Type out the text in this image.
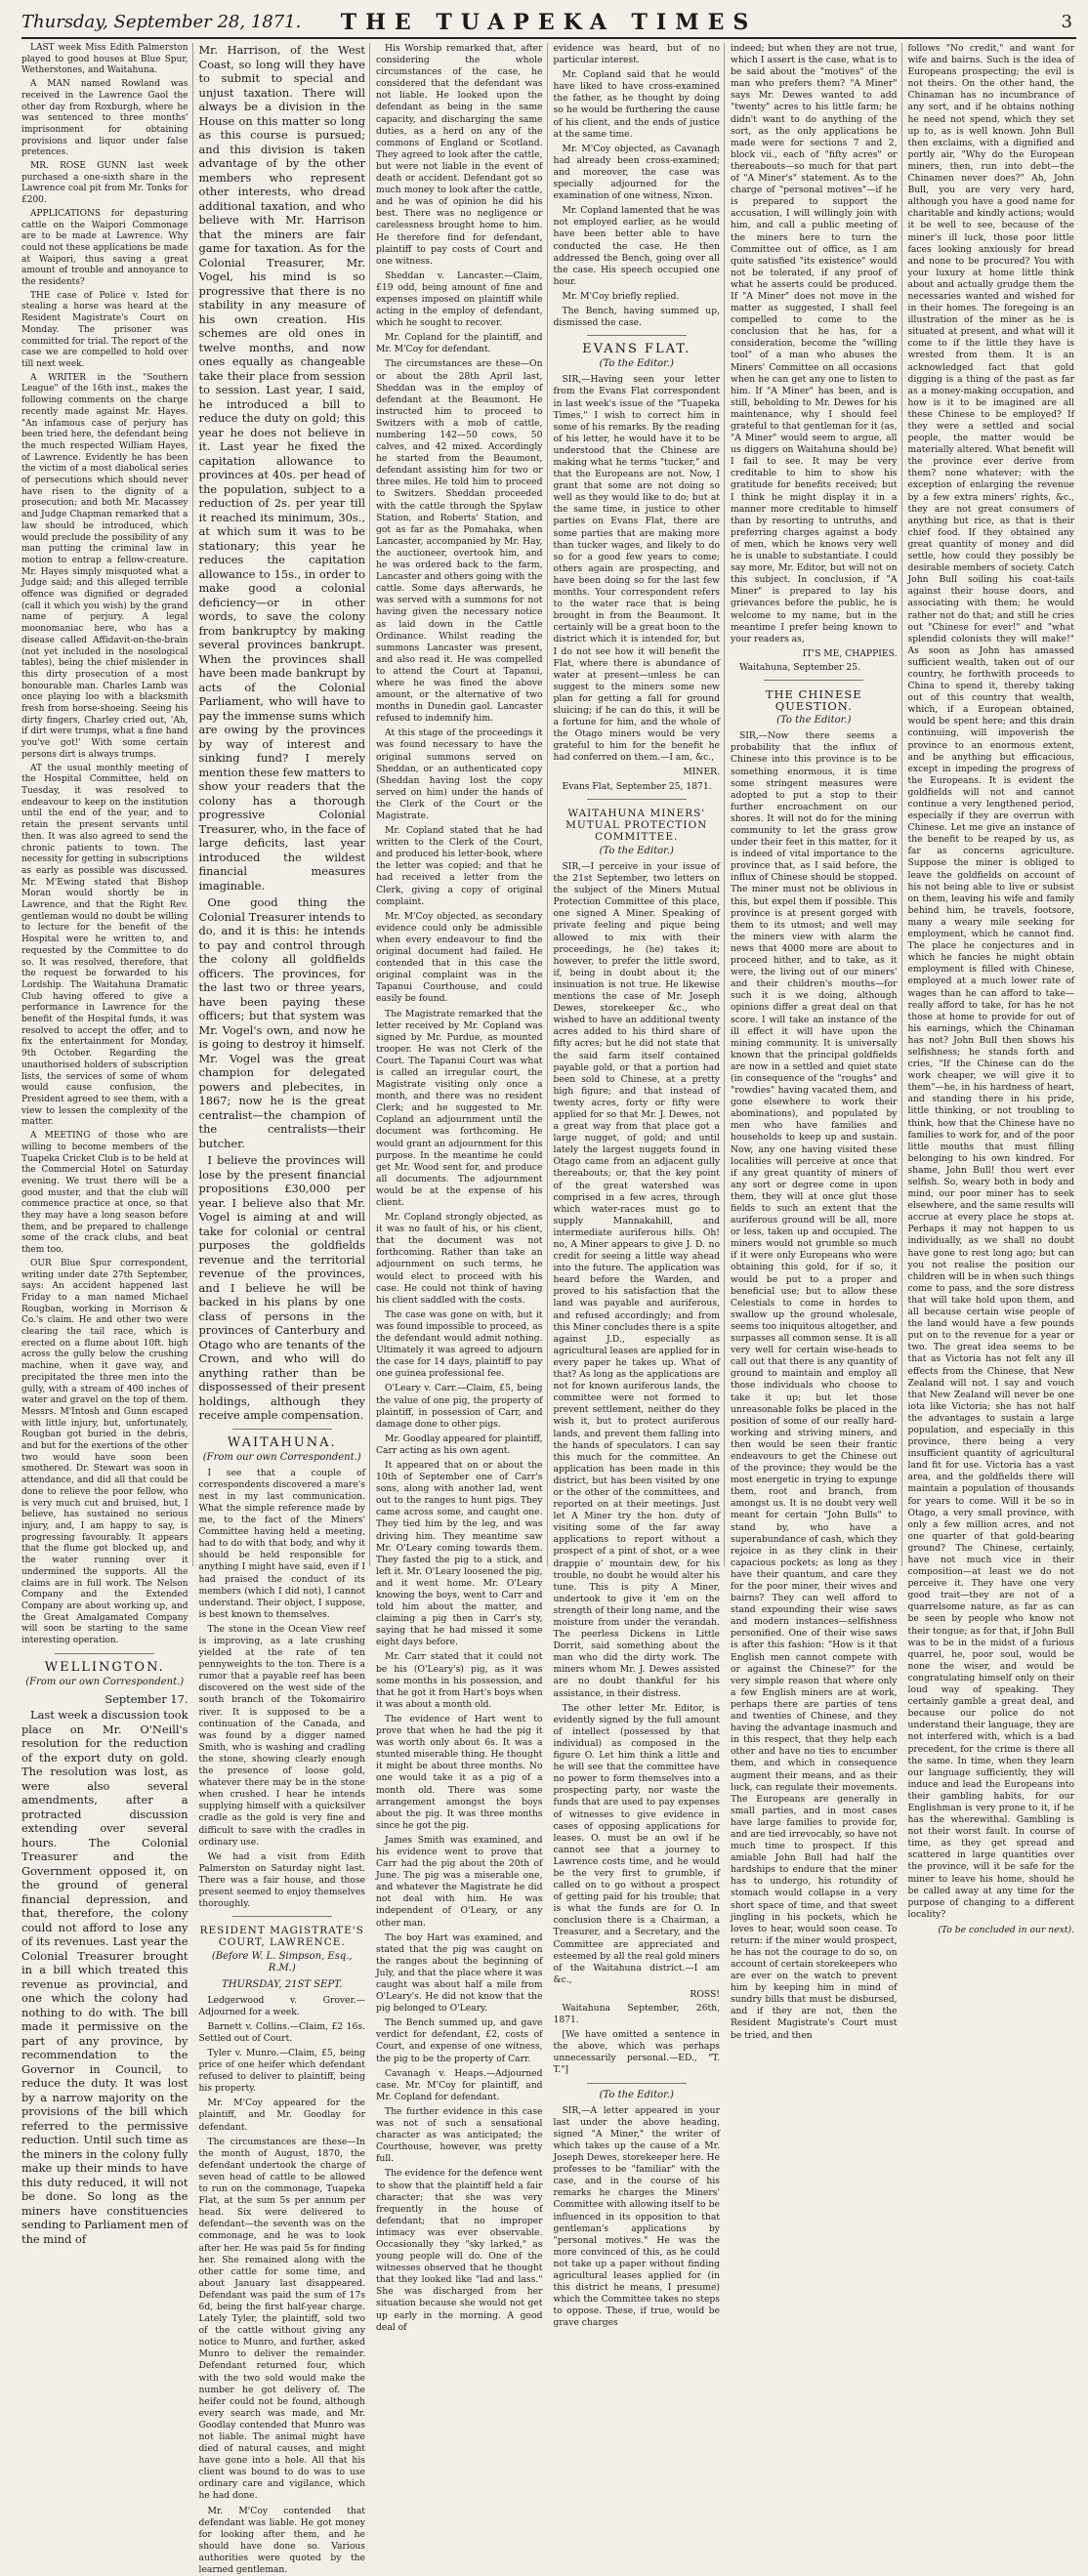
Thursday, September 28, 1871.	THE TUAPEKA TIMES	3

LAST week Miss Edith Palmerston played to good houses at Blue Spur, Wetherstones, and Waitahuna.

A MAN named Rowland was received in the Lawrence Gaol the other day from Roxburgh, where he was sentenced to three months' imprisonment for obtaining provisions and liquor under false pretences.

MR. ROSE GUNN last week purchased a one-sixth share in the Lawrence coal pit from Mr. Tonks for £200.

APPLICATIONS for depasturing cattle on the Waipori Commonage are to be made at Lawrence. Why could not these applications be made at Waipori, thus saving a great amount of trouble and annoyance to the residents?

THE case of Police v. Isted for stealing a horse was heard at the Resident Magistrate's Court on Monday. The prisoner was committed for trial. The report of the case we are compelled to hold over till next week.

A WRITER in the "Southern League" of the 16th inst., makes the following comments on the charge recently made against Mr. Hayes. "An infamous case of perjury has been tried here, the defendant being the much respected William Hayes, of Lawrence. Evidently he has been the victim of a most diabolical series of persecutions which should never have risen to the dignity of a prosecution; and both Mr. Macassey and Judge Chapman remarked that a law should be introduced, which would preclude the possibility of any man putting the criminal law in motion to entrap a fellow-creature. Mr. Hayes simply misquoted what a Judge said; and this alleged terrible offence was dignified or degraded (call it which you wish) by the grand name of perjury. A legal moonomaniac here, who has a disease called Affidavit-on-the-brain (not yet included in the nosological tables), being the chief mislender in this dirty prosecution of a most honourable man. Charles Lamb was once playing loo with a blacksmith fresh from horse-shoeing. Seeing his dirty fingers, Charley cried out, 'Ah, if dirt were trumps, what a fine hand you've got!' With some certain persons dirt is always trumps.

AT the usual monthly meeting of the Hospital Committee, held on Tuesday, it was resolved to endeavour to keep on the institution until the end of the year, and to retain the present servants until then. It was also agreed to send the chronic patients to town. The necessity for getting in subscriptions as early as possible was discussed. Mr. M'Ewing stated that Bishop Moran would shortly be in Lawrence, and that the Right Rev. gentleman would no doubt be willing to lecture for the benefit of the Hospital were he written to, and requested by the Committee to do so. It was resolved, therefore, that the request be forwarded to his Lordship. The Waitahuna Dramatic Club having offered to give a performance in Lawrence for the benefit of the Hospital funds, it was resolved to accept the offer, and to fix the entertainment for Monday, 9th October. Regarding the unauthorised holders of subscription lists, the services of some of whom would cause confusion, the President agreed to see them, with a view to lessen the complexity of the matter.

A MEETING of those who are willing to become members of the Tuapeka Cricket Club is to be held at the Commercial Hotel on Saturday evening. We trust there will be a good muster, and that the club will commence practice at once, so that they may have a long season before them, and be prepared to challenge some of the crack clubs, and beat them too.

OUR Blue Spur correspondent, writing under date 27th September, says: An accident happened last Friday to a man named Michael Rougban, working in Morrison & Co.'s claim. He and other two were clearing the tail race, which is erected on a flume about 10ft. high across the gully below the crushing machine, when it gave way, and precipitated the three men into the gully, with a stream of 400 inches of water and gravel on the top of them. Messrs. M'Intosh and Gunn escaped with little injury, but, unfortunately, Rougban got buried in the debris, and but for the exertions of the other two would have soon been smothered. Dr. Stewart was soon in attendance, and did all that could be done to relieve the poor fellow, who is very much cut and bruised, but, I believe, has sustained no serious injury, and, I am happy to say, is progressing favourably. It appears that the flume got blocked up, and the water running over it undermined the supports. All the claims are in full work. The Nelson Company and the Extended Company are about working up, and the Great Amalgamated Company will soon be starting to the same interesting operation.

WELLINGTON.
(From our own Correspondent.)
September 17.

Last week a discussion took place on Mr. O'Neill's resolution for the reduction of the export duty on gold. The resolution was lost, as were also several amendments, after a protracted discussion extending over several hours. The Colonial Treasurer and the Government opposed it, on the ground of general financial depression, and that, therefore, the colony could not afford to lose any of its revenues. Last year the Colonial Treasurer brought in a bill which treated this revenue as provincial, and one which the colony had nothing to do with. The bill made it permissive on the part of any province, by recommendation to the Governor in Council, to reduce the duty. It was lost by a narrow majority on the provisions of the bill which referred to the permissive reduction. Until such time as the miners in the colony fully make up their minds to have this duty reduced, it will not be done. So long as the miners have constituencies sending to Parliament men of the mind of

Mr. Harrison, of the West Coast, so long will they have to submit to special and unjust taxation. There will always be a division in the House on this matter so long as this course is pursued; and this division is taken advantage of by the other members who represent other interests, who dread additional taxation, and who believe with Mr. Harrison that the miners are fair game for taxation. As for the Colonial Treasurer, Mr. Vogel, his mind is so progressive that there is no stability in any measure of his own creation. His schemes are old ones in twelve months, and now ones equally as changeable take their place from session to session. Last year, I said, he introduced a bill to reduce the duty on gold; this year he does not believe in it. Last year he fixed the capitation allowance to provinces at 40s. per head of the population, subject to a reduction of 2s. per year till it reached its minimum, 30s., at which sum it was to be stationary; this year he reduces the capitation allowance to 15s., in order to make good a colonial deficiency—or in other words, to save the colony from bankruptcy by making several provinces bankrupt. When the provinces shall have been made bankrupt by acts of the Colonial Parliament, who will have to pay the immense sums which are owing by the provinces by way of interest and sinking fund? I merely mention these few matters to show your readers that the colony has a thorough progressive Colonial Treasurer, who, in the face of large deficits, last year introduced the wildest financial measures imaginable.

One good thing the Colonial Treasurer intends to do, and it is this: he intends to pay and control through the colony all goldfields officers. The provinces, for the last two or three years, have been paying these officers; but that system was Mr. Vogel's own, and now he is going to destroy it himself. Mr. Vogel was the great champion for delegated powers and plebecites, in 1867; now he is the great centralist—the champion of the centralists—their butcher.

I believe the provinces will lose by the present financial propositions £30,000 per year. I believe also that Mr. Vogel is aiming at and will take for colonial or central purposes the goldfields revenue and the territorial revenue of the provinces, and I believe he will be backed in his plans by one class of persons in the provinces of Canterbury and Otago who are tenants of the Crown, and who will do anything rather than be dispossessed of their present holdings, although they receive ample compensation.

WAITAHUNA.
(From our own Correspondent.)

I see that a couple of correspondents discovered a mare's nest in my last communication. What the simple reference made by me, to the fact of the Miners' Committee having held a meeting, had to do with that body, and why it should be held responsible for anything I might have said, even if I had praised the conduct of its members (which I did not), I cannot understand. Their object, I suppose, is best known to themselves.

The stone in the Ocean View reef is improving, as a late crushing yielded at the rate of ten pennyweights to the ton. There is a rumor that a payable reef has been discovered on the west side of the south branch of the Tokomairiro river. It is supposed to be a continuation of the Canada, and was found by a digger named Smith, who is washing and cradling the stone, showing clearly enough the presence of loose gold, whatever there may be in the stone when crushed. I hear he intends supplying himself with a quicksilver cradle as the gold is very fine and difficult to save with the cradles in ordinary use.

We had a visit from Edith Palmerston on Saturday night last. There was a fair house, and those present seemed to enjoy themselves thoroughly.

RESIDENT MAGISTRATE'S COURT, LAWRENCE.
(Before W. L. Simpson, Esq., R.M.)
THURSDAY, 21ST SEPT.

Ledgerwood v. Grover.—Adjourned for a week.

Barnett v. Collins.—Claim, £2 16s. Settled out of Court.

Tyler v. Munro.—Claim, £5, being price of one heifer which defendant refused to deliver to plaintiff, being his property.

Mr. M'Coy appeared for the plaintiff, and Mr. Goodlay for defendant.

The circumstances are these—In the month of August, 1870, the defendant undertook the charge of seven head of cattle to be allowed to run on the commonage, Tuapeka Flat, at the sum 5s per annum per head. Six were delivered to defendant—the seventh was on the commonage, and he was to look after her. He was paid 5s for finding her. She remained along with the other cattle for some time, and about January last disappeared. Defendant was paid the sum of 17s 6d, being the first half-year charge. Lately Tyler, the plaintiff, sold two of the cattle without giving any notice to Munro, and further, asked Munro to deliver the remainder. Defendant returned four, which with the two sold would make the number he got delivery of. The heifer could not be found, although every search was made, and Mr. Goodlay contended that Munro was not liable. The animal might have died of natural causes, and might have gone into a hole. All that his client was bound to do was to use ordinary care and vigilance, which he had done.

Mr. M'Coy contended that defendant was liable. He got money for looking after them, and he should have done so. Various authorities were quoted by the learned gentleman.

His Worship remarked that, after considering the whole circumstances of the case, he considered that the defendant was not liable. He looked upon the defendant as being in the same capacity, and discharging the same duties, as a herd on any of the commons of England or Scotland. They agreed to look after the cattle, but were not liable in the event of death or accident. Defendant got so much money to look after the cattle, and he was of opinion he did his best. There was no negligence or carelessness brought home to him. He therefore find for defendant, plaintiff to pay costs of Court and one witness.

Sheddan v. Lancaster.—Claim, £19 odd, being amount of fine and expenses imposed on plaintiff while acting in the employ of defendant, which he sought to recover.

Mr. Copland for the plaintiff, and Mr. M'Coy for defendant.

The circumstances are these—On or about the 28th April last, Sheddan was in the employ of defendant at the Beaumont. He instructed him to proceed to Switzers with a mob of cattle, numbering 142—50 cows, 50 calves, and 42 mixed. Accordingly he started from the Beaumont, defendant assisting him for two or three miles. He told him to proceed to Switzers. Sheddan proceeded with the cattle through the Spylaw Station, and Roberts' Station, and got as far as the Pomahaka, when Lancaster, accompanied by Mr. Hay, the auctioneer, overtook him, and he was ordered back to the farm, Lancaster and others going with the cattle. Some days afterwards, he was served with a summons for not having given the necessary notice as laid down in the Cattle Ordinance. Whilst reading the summons Lancaster was present, and also read it. He was compelled to attend the Court at Tapanui, where he was fined the above amount, or the alternative of two months in Dunedin gaol. Lancaster refused to indemnify him.

At this stage of the proceedings it was found necessary to have the original summons served on Sheddan, or an authenticated copy (Sheddan having lost the copy served on him) under the hands of the Clerk of the Court or the Magistrate.

Mr. Copland stated that he had written to the Clerk of the Court, and produced his letter-book, where the letter was copied; and that he had received a letter from the Clerk, giving a copy of original complaint.

Mr. M'Coy objected, as secondary evidence could only be admissible when every endeavour to find the original document had failed. He contended that in this case the original complaint was in the Tapanui Courthouse, and could easily be found.

The Magistrate remarked that the letter received by Mr. Copland was signed by Mr. Purdue, as mounted trooper. He was not Clerk of the Court. The Tapanui Court was what is called an irregular court, the Magistrate visiting only once a month, and there was no resident Clerk; and he suggested to Mr. Copland an adjournment until the document was forthcoming. He would grant an adjournment for this purpose. In the meantime he could get Mr. Wood sent for, and produce all documents. The adjournment would be at the expense of his client.

Mr. Copland strongly objected, as it was no fault of his, or his client, that the document was not forthcoming. Rather than take an adjournment on such terms, he would elect to proceed with his case. He could not think of having his client saddled with the costs.

The case was gone on with, but it was found impossible to proceed, as the defendant would admit nothing. Ultimately it was agreed to adjourn the case for 14 days, plaintiff to pay one guinea professional fee.

O'Leary v. Carr.—Claim, £5, being the value of one pig, the property of plaintiff, in possession of Carr, and damage done to other pigs.

Mr. Goodlay appeared for plaintiff, Carr acting as his own agent.

It appeared that on or about the 10th of September one of Carr's sons, along with another lad, went out to the ranges to hunt pigs. They came across some, and caught one. They tied him by the leg, and was driving him. They meantime saw Mr. O'Leary coming towards them. They fasted the pig to a stick, and left it. Mr. O'Leary loosened the pig, and it went home. Mr. O'Leary knowing the boys, went to Carr and told him about the matter, and claiming a pig then in Carr's sty, saying that he had missed it some eight days before.

Mr. Carr stated that it could not be his (O'Leary's) pig, as it was some months in his possession, and that he got it from Hart's boys when it was about a month old.

The evidence of Hart went to prove that when he had the pig it was worth only about 6s. It was a stunted miserable thing. He thought it might be about three months. No one would take it as a pig of a month old. There was some arrangement amongst the boys about the pig. It was three months since he got the pig.

James Smith was examined, and his evidence went to prove that Carr had the pig about the 20th of June. The pig was a miserable one, and whatever the Magistrate he did not deal with him. He was independent of O'Leary, or any other man.

The boy Hart was examined, and stated that the pig was caught on the ranges about the beginning of July, and that the place where it was caught was about half a mile from O'Leary's. He did not know that the pig belonged to O'Leary.

The Bench summed up, and gave verdict for defendant, £2, costs of Court, and expense of one witness, the pig to be the property of Carr.

Cavanagh v. Heaps.—Adjourned case. Mr. M'Coy for plaintiff, and Mr. Copland for defendant.

The further evidence in this case was not of such a sensational character as was anticipated; the Courthouse, however, was pretty full.

The evidence for the defence went to show that the plaintiff held a fair character; that she was very frequently in the house of defendant; that no improper intimacy was ever observable. Occasionally they "sky larked," as young people will do. One of the witnesses observed that he thought that they looked like "lad and lass." She was discharged from her situation because she would not get up early in the morning. A good deal of

evidence was heard, but of no particular interest.

Mr. Copland said that he would have liked to have cross-examined the father, as he thought by doing so he would be furthering the cause of his client, and the ends of justice at the same time.

Mr. M'Coy objected, as Cavanagh had already been cross-examined; and moreover, the case was specially adjourned for the examination of one witness, Nixon.

Mr. Copland lamented that he was not employed earlier, as he would have been better able to have conducted the case. He then addressed the Bench, going over all the case. His speech occupied one hour.

Mr. M'Coy briefly replied.

The Bench, having summed up, dismissed the case.

EVANS FLAT.
(To the Editor.)

SIR,—Having seen your letter from the Evans Flat correspondent in last week's issue of the "Tuapeka Times," I wish to correct him in some of his remarks. By the reading of his letter, he would have it to be understood that the Chinese are making what he terms "tucker," and that the Europeans are not. Now, I grant that some are not doing so well as they would like to do; but at the same time, in justice to other parties on Evans Flat, there are some parties that are making more than tucker wages, and likely to do so for a good few years to come; others again are prospecting, and have been doing so for the last few months. Your correspondent refers to the water race that is being brought in from the Beaumont. It certainly will be a great boon to the district which it is intended for, but I do not see how it will benefit the Flat, where there is abundance of water at present—unless he can suggest to the miners some new plan for getting a fall for ground sluicing; if he can do this, it will be a fortune for him, and the whole of the Otago miners would be very grateful to him for the benefit he had conferred on them.—I am, &c.,

MINER.

Evans Flat, September 25, 1871.

WAITAHUNA MINERS' MUTUAL PROTECTION COMMITTEE.
(To the Editor.)

SIR,—I perceive in your issue of the 21st September, two letters on the subject of the Miners Mutual Protection Committee of this place, one signed A Miner. Speaking of private feeling and pique being allowed to mix with their proceedings, he (he) takes it; however, to prefer the little sword, if, being in doubt about it; the insinuation is not true. He likewise mentions the case of Mr. Joseph Dewes, storekeeper &c., who wished to have an additional twenty acres added to his third share of fifty acres; but he did not state that the said farm itself contained payable gold, or that a portion had been sold to Chinese, at a pretty high figure; and that instead of twenty acres, forty or fifty were applied for so that Mr. J. Dewes, not a great way from that place got a large nugget, of gold; and until lately the largest nuggets found in Otago came from an adjacent gully thereabouts; or, that the key point of the great watershed was comprised in a few acres, through which water-races must go to supply Mannakahill, and intermediate auriferous hills. Oh! no, A Miner appears to give J. D. no credit for seeing a little way ahead into the future. The application was heard before the Warden, and proved to his satisfaction that the land was payable and auriferous, and refused accordingly; and from this Miner concludes there is a spite against J.D., especially as agricultural leases are applied for in every paper he takes up. What of that? As long as the applications are not for known auriferous lands, the committee were not formed to prevent settlement, neither do they wish it, but to protect auriferous lands, and prevent them falling into the hands of speculators. I can say this much for the committee. An application has been made in this district, but has been visited by one or the other of the committees, and reported on at their meetings. Just let A Miner try the hon. duty of visiting some of the far away applications to report without a prospect of a pint of shot, or a wee drappie o' mountain dew, for his trouble, no doubt he would alter his tune. This is pity A Miner, undertook to give it 'em on the strength of their long name, and the moisture from under the verandah. The peerless Dickens in Little Dorrit, said something about the man who did the dirty work. The miners whom Mr. J. Dewes assisted are no doubt thankful for his assistance, in their distress.

The other letter Mr. Editor, is evidently signed by the full amount of intellect (possessed by that individual) as composed in the figure O. Let him think a little and he will see that the committee have no power to form themselves into a prospecting party, nor waste the funds that are used to pay expenses of witnesses to give evidence in cases of opposing applications for leases. O. must be an owl if he cannot see that a journey to Lawrence costs time, and he would be the very first to grumble, if called on to go without a prospect of getting paid for his trouble; that is what the funds are for O. In conclusion there is a Chairman, a Treasurer, and a Secretary, and the Committee are appreciated and esteemed by all the real gold miners of the Waitahuna district.—I am &c.,

ROSS!

Waitahuna September, 26th, 1871.

[We have omitted a sentence in the above, which was perhaps unnecessarily personal.—ED., "T. T."]

(To the Editor.)

SIR,—A letter appeared in your last under the above heading, signed "A Miner," the writer of which takes up the cause of a Mr. Joseph Dewes, storekeeper here. He professes to be "familiar" with the case, and in the course of his remarks he charges the Miners' Committee with allowing itself to be influenced in its opposition to that gentleman's applications by "personal motives." He was the more convinced of this, as he could not take up a paper without finding agricultural leases applied for (in this district he means, I presume) which the Committee takes no steps to oppose. These, if true, would be grave charges

indeed; but when they are not true, which I assert is the case, what is to be said about the "motives" of the man who prefers them? "A Miner" says Mr. Dewes wanted to add "twenty" acres to his little farm; he didn't want to do anything of the sort, as the only applications he made were for sections 7 and 2, block vii., each of "fifty acres" or thereabouts—so much for that part of "A Miner's" statement. As to the charge of "personal motives"—if he is prepared to support the accusation, I will willingly join with him, and call a public meeting of the miners here to turn the Committee out of office, as I am quite satisfied "its existence" would not be tolerated, if any proof of what he asserts could be produced. If "A Miner" does not move in the matter as suggested, I shall feel compelled to come to the conclusion that he has, for a consideration, become the "willing tool" of a man who abuses the Miners' Committee on all occasions when he can get any one to listen to him. If "A Miner" has been, and is still, beholding to Mr. Dewes for his maintenance, why I should feel grateful to that gentleman for it (as, "A Miner" would seem to argue, all us diggers on Waitahuna should be) I fail to see. It may be very creditable to him to show his gratitude for benefits received; but I think he might display it in a manner more creditable to himself than by resorting to untruths, and preferring charges against a body of men, which he knows very well he is unable to substantiate. I could say more, Mr. Editor, but will not on this subject. In conclusion, if "A Miner" is prepared to lay his grievances before the public, he is welcome to my name, but in the meantime I prefer being known to your readers as,

IT'S ME, CHAPPIES.

Waitahuna, September 25.

THE CHINESE QUESTION.
(To the Editor.)

SIR,—Now there seems a probability that the influx of Chinese into this province is to be something enormous, it is time some stringent measures were adopted to put a stop to their further encroachment on our shores. It will not do for the mining community to let the grass grow under their feet in this matter, for it is indeed of vital importance to the province that, as I said before, the influx of Chinese should be stopped. The miner must not be oblivious in this, but expel them if possible. This province is at present gorged with them to its utmost; and well may the miners view with alarm the news that 4000 more are about to proceed hither, and to take, as it were, the living out of our miners' and their children's mouths—for such it is we doing, although opinions differ a great deal on that score. I will take an instance of the ill effect it will have upon the mining community. It is universally known that the principal goldfields are now in a settled and quiet state (in consequence of the "roughs" and "rowdies" having vacated them, and gone elsewhere to work their abominations), and populated by men who have families and households to keep up and sustain. Now, any one having visited these localities will perceive at once that if any great quantity of miners of any sort or degree come in upon them, they will at once glut those fields to such an extent that the auriferous ground will be all, more or less, taken up and occupied. The miners would not grumble so much if it were only Europeans who were obtaining this gold, for if so, it would be put to a proper and beneficial use; but to allow these Celestials to come in hordes to swallow up the ground wholesale, seems too iniquitous altogether, and surpasses all common sense. It is all very well for certain wise-heads to call out that there is any quantity of ground to maintain and employ all those individuals who choose to take it up; but let those unreasonable folks be placed in the position of some of our really hard-working and striving miners, and then would be seen their frantic endeavours to get the Chinese out of the province; they would be the most energetic in trying to expunge them, root and branch, from amongst us. It is no doubt very well meant for certain "John Bulls" to stand by, who have a superabundance of cash, which they rejoice in as they clink in their capacious pockets; as long as they have their quantum, and care they for the poor miner, their wives and bairns? They can well afford to stand expounding their wise saws and modern instances—selfishness personified. One of their wise saws is after this fashion: "How is it that English men cannot compete with or against the Chinese?" for the very simple reason that where only a few English miners are at work, perhaps there are parties of tens and twenties of Chinese, and they having the advantage inasmuch and in this respect, that they help each other and have no ties to encumber them, and which in consequence augment their means, and as their luck, can regulate their movements. The Europeans are generally in small parties, and in most cases have large families to provide for, and are tied irrevocably, so have not much time to prospect. If this amiable John Bull had half the hardships to endure that the miner has to undergo, his rotundity of stomach would collapse in a very short space of time, and that sweet jingling in his pockets, which he loves to hear, would soon cease. To return: if the miner would prospect, he has not the courage to do so, on account of certain storekeepers who are ever on the watch to prevent him by keeping him in mind of sundry bills that must be disbursed, and if they are not, then the Resident Magistrate's Court must be tried, and then

follows "No credit," and want for wife and bairns. Such is the idea of Europeans prospecting; the evil is not theirs. On the other hand, the Chinaman has no incumbrance of any sort, and if he obtains nothing he need not spend, which they set up to, as is well known. John Bull then exclaims, with a dignified and portly air, "Why do the European miners, then, run into debt—the Chinamen never does?" Ah, John Bull, you are very very hard, although you have a good name for charitable and kindly actions; would it be well to see, because of the miner's ill luck, those poor little faces looking anxiously for bread and none to be procured? You with your luxury at home little think about and actually grudge them the necessaries wanted and wished for in their homes. The foregoing is an illustration of the miner as he is situated at present, and what will it come to if the little they have is wrested from them. It is an acknowledged fact that gold digging is a thing of the past as far as a money-making occupation, and how is it to be imagined are all these Chinese to be employed? If they were a settled and social people, the matter would be materially altered. What benefit will the province ever derive from them? none whatever; with the exception of enlarging the revenue by a few extra miners' rights, &c., they are not great consumers of anything but rice, as that is their chief food. If they obtained any great quantity of money and did settle, how could they possibly be desirable members of society. Catch John Bull soiling his coat-tails against their house doors, and associating with them; he would rather not do that; and still he cries out "Chinese for ever!" and "what splendid colonists they will make!" As soon as John has amassed sufficient wealth, taken out of our country, he forthwith proceeds to China to spend it, thereby taking out of this country that wealth, which, if a European obtained, would be spent here; and this drain continuing, will impoverish the province to an enormous extent, and be anything but efficacious, except in impeding the progress of the Europeans. It is evident the goldfields will not and cannot continue a very lengthened period, especially if they are overrun with Chinese. Let me give an instance of the benefit to be reaped by us, as far as concerns agriculture. Suppose the miner is obliged to leave the goldfields on account of his not being able to live or subsist on them, leaving his wife and family behind him, he travels, footsore, many a weary mile seeking for employment, which he cannot find. The place he conjectures and in which he fancies he might obtain employment is filled with Chinese, employed at a much lower rate of wages than he can afford to take—really afford to take, for has he not those at home to provide for out of his earnings, which the Chinaman has not? John Bull then shows his selfishness; he stands forth and cries, "If the Chinese can do the work cheaper, we will give it to them"—he, in his hardness of heart, and standing there in his pride, little thinking, or not troubling to think, how that the Chinese have no families to work for, and of the poor little mouths that must filling belonging to his own kindred. For shame, John Bull! thou wert ever selfish. So, weary both in body and mind, our poor miner has to seek elsewhere, and the same results will accrue at every place he stops at. Perhaps it may not happen to us individually, as we shall no doubt have gone to rest long ago; but can you not realise the position our children will be in when such things come to pass, and the sore distress that will take hold upon them, and all because certain wise people of the land would have a few pounds put on to the revenue for a year or two. The great idea seems to be that as Victoria has not felt any ill effects from the Chinese, that New Zealand will not. I say and vouch that New Zealand will never be one iota like Victoria; she has not half the advantages to sustain a large population, and especially in this province, there being a very insufficient quantity of agricultural land fit for use. Victoria has a vast area, and the goldfields there will maintain a population of thousands for years to come. Will it be so in Otago, a very small province, with only a few million acres, and not one quarter of that gold-bearing ground? The Chinese, certainly, have not much vice in their composition—at least we do not perceive it. They have one very good trait—they are not of a quarrelsome nature, as far as can be seen by people who know not their tongue; as for that, if John Bull was to be in the midst of a furious quarrel, he, poor soul, would be none the wiser, and would be congratulating himself only on their loud way of speaking. They certainly gamble a great deal, and because our police do not understand their language, they are not interfered with, which is a bad precedent, for the crime is there all the same. In time, when they learn our language sufficiently, they will induce and lead the Europeans into their gambling habits, for our Englishman is very prone to it, if he has the wherewithal. Gambling is not their worst fault. In course of time, as they get spread and scattered in large quantities over the province, will it be safe for the miner to leave his home, should he be called away at any time for the purpose of changing to a different locality?

(To be concluded in our next).
